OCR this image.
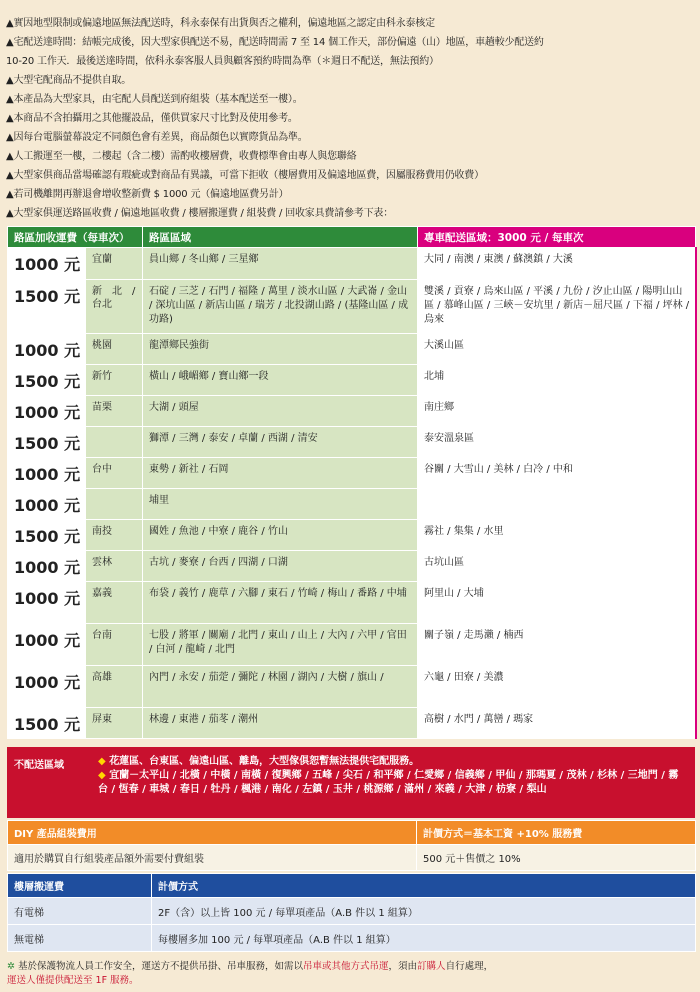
▲實因地型限制或偏遠地區無法配送時，科永泰保有出貨與否之權利，偏遠地區之認定由科永泰核定
▲宅配送達時間：結帳完成後，因大型家俱配送不易，配送時間需 7 至 14 個工作天，部份偏遠（山）地區，車趟較少配送約
10-20 工作天．最後送達時間，依科永泰客服人員與顧客預約時間為準（＊週日不配送，無法預約）
▲大型宅配商品不提供自取。
▲本產品為大型家具，由宅配人員配送到府組裝（基本配送至一樓）。
▲本商品不含拍攝用之其他擺設品，僅供買家尺寸比對及使用參考。
▲因每台電腦螢幕設定不同顏色會有差異，商品顏色以實際貨品為準。
▲人工搬運至一樓，二樓起（含二樓）需酌收樓層費，收費標準會由專人與您聯絡
▲大型家俱商品當場確認有瑕疵或對商品有異議，可當下拒收（樓層費用及偏遠地區費，因屬服務費用仍收費）
▲若司機離開再辦退會增收整新費 $ 1000 元（偏遠地區費另計）
▲大型家俱運送路區收費 / 偏遠地區收費 / 樓層搬運費 / 組裝費 / 回收家具費請參考下表：
路區加收運費（每車次）		路區區域	專車配送區域：3000 元 / 每車次
1000 元	宜蘭	員山鄉 / 冬山鄉 / 三星鄉	大同 / 南澳 / 東澳 / 蘇澳鎮 / 大溪
1500 元	新　北　/ 台北	石碇 / 三芝 / 石門 / 福隆 / 萬里 / 淡水山區 / 大武崙 / 金山 / 深坑山區 / 新店山區 / 瑞芳 / 北投湖山路 / (基隆山區 / 成功路)	雙溪 / 貢寮 / 烏來山區 / 平溪 / 九份 / 汐止山區 / 陽明山山區 / 慕峰山區 / 三峽－安坑里 / 新店－屈尺區 / 下福 / 坪林 / 烏來
1000 元	桃園	龍潭鄉民強街	大溪山區
1500 元	新竹	橫山 / 峨嵋鄉 / 寶山鄉一段	北埔
1000 元	苗栗	大湖 / 頭屋	南庄鄉
1500 元		獅潭 / 三灣 / 泰安 / 卓蘭 / 西湖 / 清安	泰安溫泉區
1000 元	台中	東勢 / 新社 / 石岡	谷關 / 大雪山 / 美林 / 白冷 / 中和
1000 元		埔里	
1500 元	南投	國姓 / 魚池 / 中寮 / 鹿谷 / 竹山	霧社 / 集集 / 水里
1000 元	雲林	古坑 / 麥寮 / 台西 / 四湖 / 口湖	古坑山區
1000 元	嘉義	布袋 / 義竹 / 鹿草 / 六腳 / 東石 / 竹崎 / 梅山 / 番路 / 中埔	阿里山 / 大埔
1000 元	台南	七股 / 將軍 / 關廟 / 北門 / 東山 / 山上 / 大內 / 六甲 / 官田 / 白河 / 龍崎 / 北門	關子嶺 / 走馬瀨 / 楠西
1000 元	高雄	內門 / 永安 / 茄萣 / 彌陀 / 林園 / 湖內 / 大樹 / 旗山 /	六龜 / 田寮 / 美濃
1500 元	屏東	林邊 / 東港 / 茄苳 / 潮州	高樹 / 水門 / 萬巒 / 瑪家
不配送區域	◆ 花蓮區、台東區、偏遠山區、離島，大型傢俱恕暫無法提供宅配服務。
◆ 宜蘭－太平山 / 北橫 / 中橫 / 南橫 / 復興鄉 / 五峰 / 尖石 / 和平鄉 / 仁愛鄉 / 信義鄉 / 甲仙 / 那瑪夏 / 茂林 / 杉林 / 三地門 / 霧台 / 恆春 / 車城 / 春日 / 牡丹 / 楓港 / 南化 / 左鎮 / 玉井 / 桃源鄉 / 滿州 / 來義 / 大津 / 枋寮 / 梨山
DIY 產品組裝費用	計價方式＝基本工資 +10% 服務費
適用於購買自行組裝產品額外需要付費組裝	500 元＋售價之 10%
樓層搬運費	計價方式
有電梯	2F（含）以上皆 100 元 / 每單項產品（A.B 件以 1 組算）
無電梯	每樓層多加 100 元 / 每單項產品（A.B 件以 1 組算）
✲ 基於保護物流人員工作安全，運送方不提供吊掛、吊車服務，如需以吊車或其他方式吊運，須由訂購人自行處理，
運送人僅提供配送至 1F 服務。
